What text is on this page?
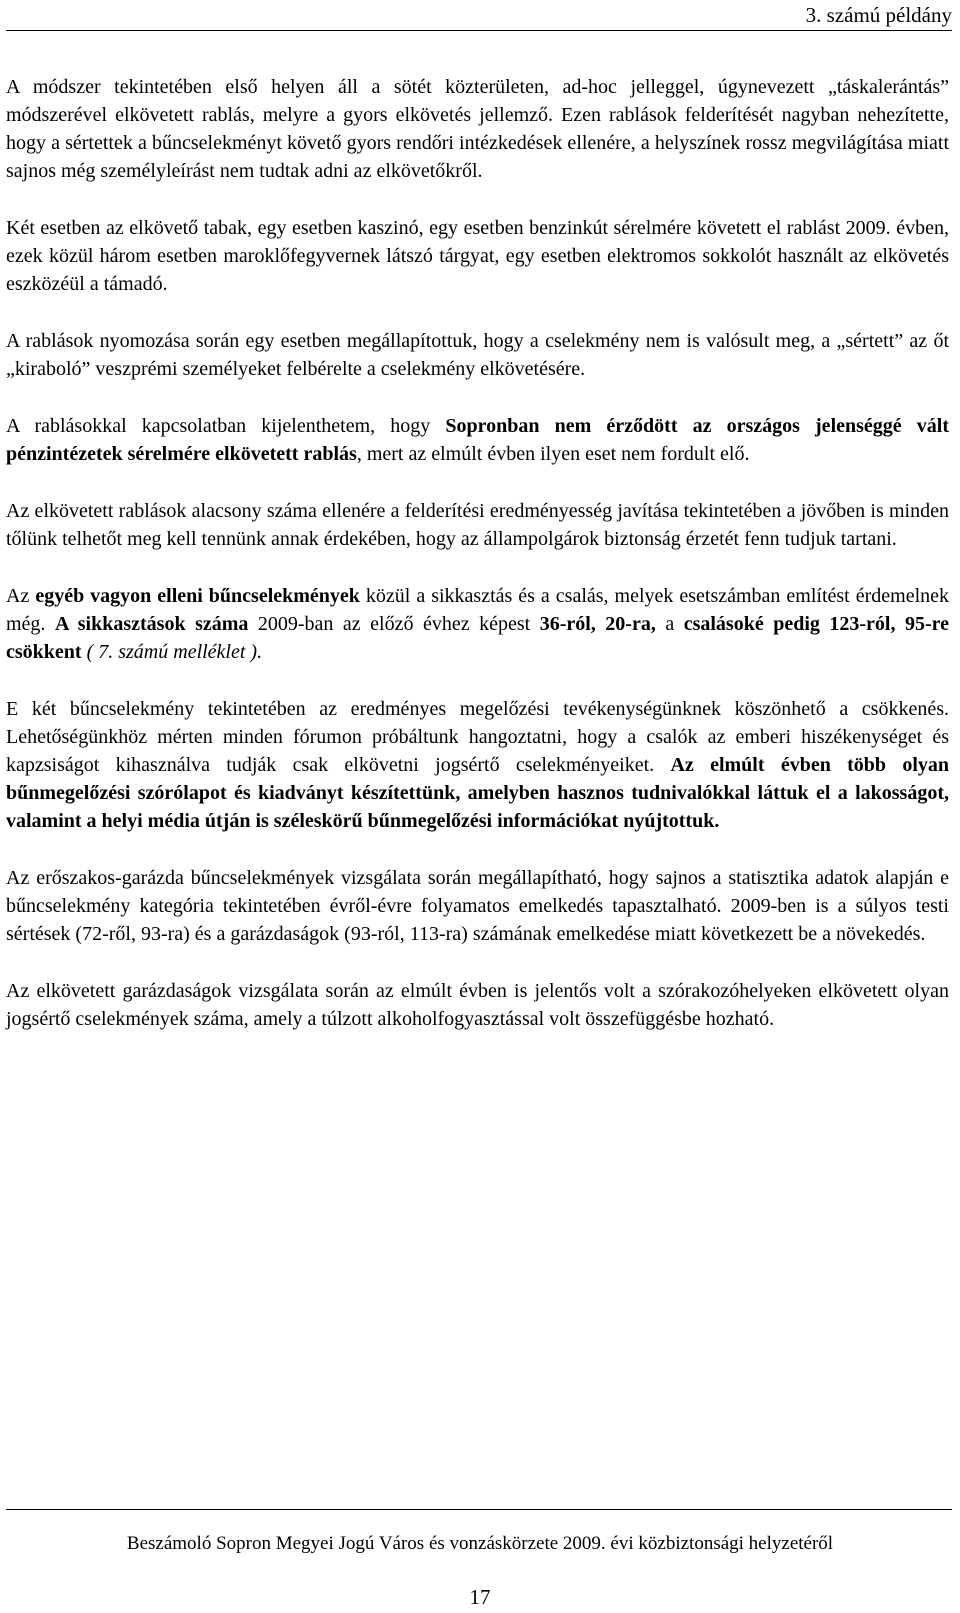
3. számú példány

A módszer tekintetében első helyen áll a sötét közterületen, ad-hoc jelleggel, úgynevezett „táskalerántás” módszerével elkövetett rablás, melyre a gyors elkövetés jellemző. Ezen rablások felderítését nagyban nehezítette, hogy a sértettek a bűncselekményt követő gyors rendőri intézkedések ellenére, a helyszínek rossz megvilágítása miatt sajnos még személyleírást nem tudtak adni az elkövetőkről.

Két esetben az elkövető tabak, egy esetben kaszinó, egy esetben benzinkút sérelmére követett el rablást 2009. évben, ezek közül három esetben maroklőfegyvernek látszó tárgyat, egy esetben elektromos sokkolót használt az elkövetés eszközéül a támadó.

A rablások nyomozása során egy esetben megállapítottuk, hogy a cselekmény nem is valósult meg, a „sértett” az őt „kiraboló” veszprémi személyeket felbérelte a cselekmény elkövetésére.

A rablásokkal kapcsolatban kijelenthetem, hogy Sopronban nem érződött az országos jelenséggé vált pénzintézetek sérelmére elkövetett rablás, mert az elmúlt évben ilyen eset nem fordult elő.

Az elkövetett rablások alacsony száma ellenére a felderítési eredményesség javítása tekintetében a jövőben is minden tőlünk telhetőt meg kell tennünk annak érdekében, hogy az állampolgárok biztonság érzetét fenn tudjuk tartani.

Az egyéb vagyon elleni bűncselekmények közül a sikkasztás és a csalás, melyek esetszámban említést érdemelnek még. A sikkasztások száma 2009-ban az előző évhez képest 36-ról, 20-ra, a csalásoké pedig 123-ról, 95-re csökkent ( 7. számú melléklet ).

E két bűncselekmény tekintetében az eredményes megelőzési tevékenységünknek köszönhető a csökkenés. Lehetőségünkhöz mérten minden fórumon próbáltunk hangoztatni, hogy a csalók az emberi hiszékenységet és kapzsiságot kihasználva tudják csak elkövetni jogsértő cselekményeiket. Az elmúlt évben több olyan bűnmegelőzési szórólapot és kiadványt készítettünk, amelyben hasznos tudnivalókkal láttuk el a lakosságot, valamint a helyi média útján is széleskörű bűnmegelőzési információkat nyújtottuk.

Az erőszakos-garázda bűncselekmények vizsgálata során megállapítható, hogy sajnos a statisztika adatok alapján e bűncselekmény kategória tekintetében évről-évre folyamatos emelkedés tapasztalható. 2009-ben is a súlyos testi sértések (72-ről, 93-ra) és a garázdaságok (93-ról, 113-ra) számának emelkedése miatt következett be a növekedés.

Az elkövetett garázdaságok vizsgálata során az elmúlt évben is jelentős volt a szórakozóhelyeken elkövetett olyan jogsértő cselekmények száma, amely a túlzott alkoholfogyasztással volt összefüggésbe hozható.

Beszámoló Sopron Megyei Jogú Város és vonzáskörzete 2009. évi közbiztonsági helyzetéről
17
